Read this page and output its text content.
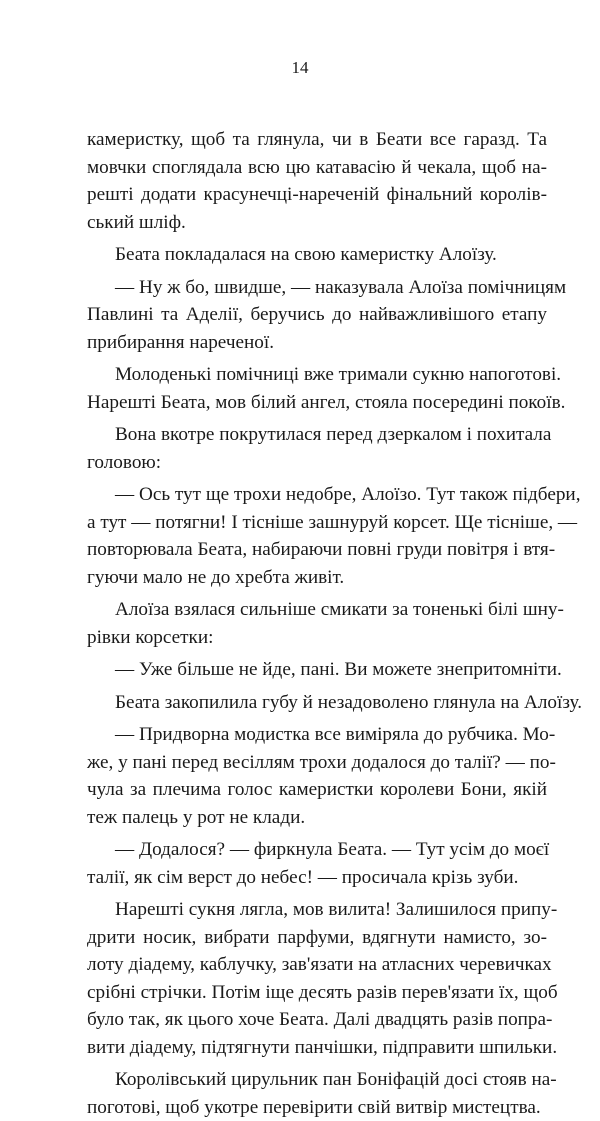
14
камеристку, щоб та глянула, чи в Беати все гаразд. Та
мовчки споглядала всю цю катавасію й чекала, щоб на-
решті додати красунечці-нареченій фінальний королів-
ський шліф.
Беата покладалася на свою камеристку Алоїзу.
— Ну ж бо, швидше, — наказувала Алоїза помічницям
Павлині та Аделії, беручись до найважливішого етапу
прибирання нареченої.
Молоденькі помічниці вже тримали сукню напоготові.
Нарешті Беата, мов білий ангел, стояла посередині покоїв.
Вона вкотре покрутилася перед дзеркалом і похитала
головою:
— Ось тут ще трохи недобре, Алоїзо. Тут також підбери,
а тут — потягни! І тісніше зашнуруй корсет. Ще тісніше, —
повторювала Беата, набираючи повні груди повітря і втя-
гуючи мало не до хребта живіт.
Алоїза взялася сильніше смикати за тоненькі білі шну-
рівки корсетки:
— Уже більше не йде, пані. Ви можете знепритомніти.
Беата закопилила губу й незадоволено глянула на Алоїзу.
— Придворна модистка все виміряла до рубчика. Мо-
же, у пані перед весіллям трохи додалося до талії? — по-
чула за плечима голос камеристки королеви Бони, якій
теж палець у рот не клади.
— Додалося? — фиркнула Беата. — Тут усім до моєї
талії, як сім верст до небес! — просичала крізь зуби.
Нарешті сукня лягла, мов вилита! Залишилося припу-
дрити носик, вибрати парфуми, вдягнути намисто, зо-
лоту діадему, каблучку, зав'язати на атласних черевичках
срібні стрічки. Потім іще десять разів перев'язати їх, щоб
було так, як цього хоче Беата. Далі двадцять разів попра-
вити діадему, підтягнути панчішки, підправити шпильки.
Королівський цирульник пан Боніфацій досі стояв на-
поготові, щоб укотре перевірити свій витвір мистецтва.
